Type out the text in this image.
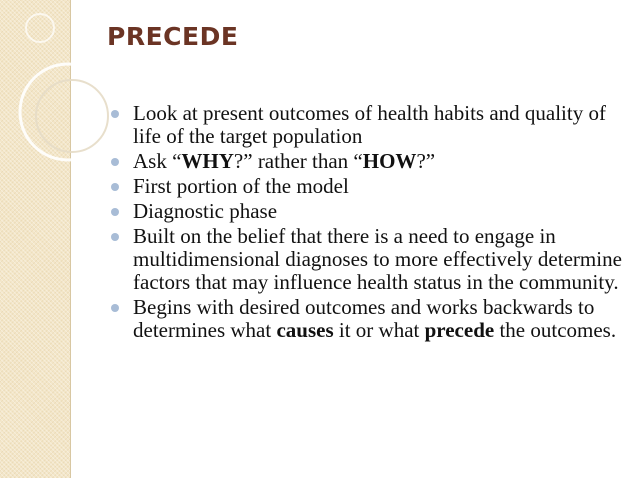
PRECEDE
Look at present outcomes of health habits and quality of life of the target population
Ask “WHY?” rather than “HOW?”
First portion of the model
Diagnostic phase
Built on the belief that there is a need to engage in multidimensional diagnoses to more effectively determine factors that may influence health status in the community.
Begins with desired outcomes and works backwards to determines what causes it or what precede the outcomes.
